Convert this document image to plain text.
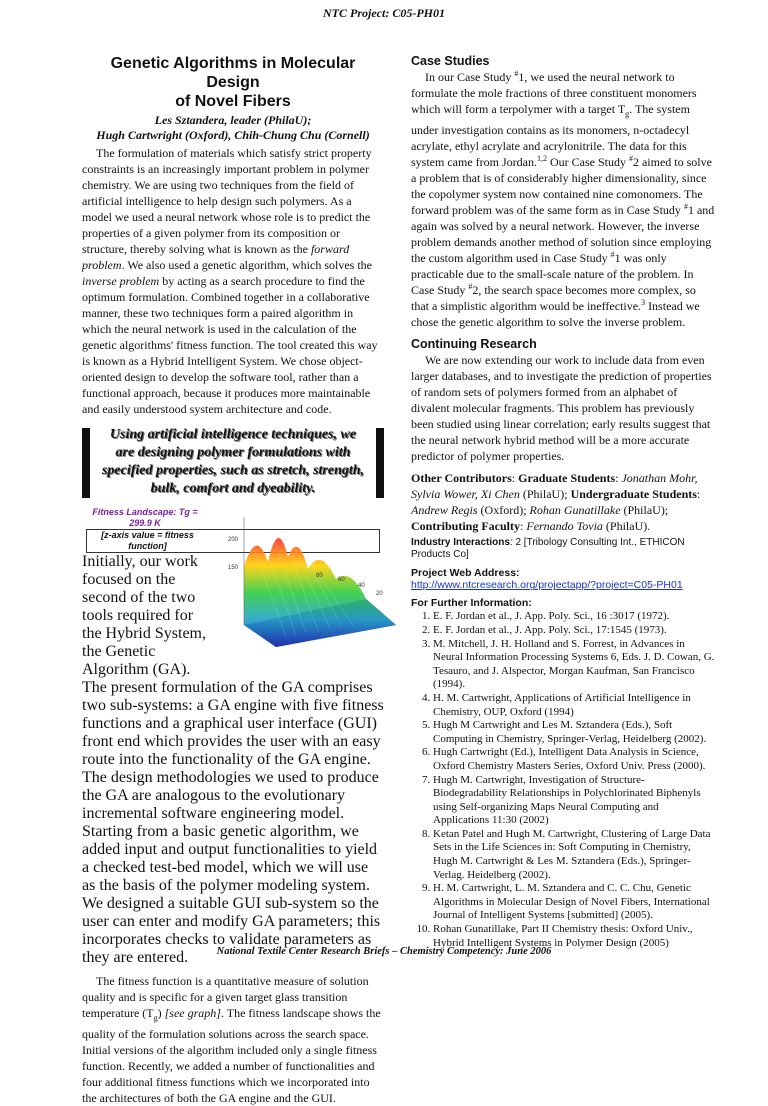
NTC Project: C05-PH01
Genetic Algorithms in Molecular Design
of Novel Fibers
Les Sztandera, leader (PhilaU);
Hugh Cartwright (Oxford), Chih-Chung Chu (Cornell)

The formulation of materials which satisfy strict property constraints is an increasingly important problem in polymer chemistry. We are using two techniques from the field of artificial intelligence to help design such polymers. As a model we used a neural network whose role is to predict the properties of a given polymer from its composition or structure, thereby solving what is known as the forward problem. We also used a genetic algorithm, which solves the inverse problem by acting as a search procedure to find the optimum formulation. Combined together in a collaborative manner, these two techniques form a paired algorithm in which the neural network is used in the calculation of the genetic algorithms' fitness function. The tool created this way is known as a Hybrid Intelligent System. We chose object-oriented design to develop the software tool, rather than a functional approach, because it produces more maintainable and easily understood system architecture and code.

Using artificial intelligence techniques, we are designing polymer formulations with specified properties, such as stretch, strength, bulk, comfort and dyeability.

200
150
80
60
40
20

Fitness Landscape: Tg = 299.9 K
[z-axis value = fitness function]
Initially, our work focused on the second of the two tools required for the Hybrid System, the Genetic Algorithm (GA). The present formulation of the GA comprises two sub-systems: a GA engine with five fitness functions and a graphical user interface (GUI) front end which provides the user with an easy route into the functionality of the GA engine. The design methodologies we used to produce the GA are analogous to the evolutionary incremental software engineering model. Starting from a basic genetic algorithm, we added input and output functionalities to yield a checked test-bed model, which we will use as the basis of the polymer modeling system. We designed a suitable GUI sub-system so the user can enter and modify GA parameters; this incorporates checks to validate parameters as they are entered.

The fitness function is a quantitative measure of solution quality and is specific for a given target glass transition temperature $(T_g)$ [see graph]. The fitness landscape shows the quality of the formulation solutions across the search space. Initial versions of the algorithm included only a single fitness function. Recently, we added a number of functionalities and four additional fitness functions which we incorporated into the architectures of both the GA engine and the GUI.

Case Studies

In our Case Study #1, we used the neural network to formulate the mole fractions of three constituent monomers which will form a terpolymer with a target $T_g$. The system under investigation contains as its monomers, n-octadecyl acrylate, ethyl acrylate and acrylonitrile. The data for this system came from Jordan.$^{1,2}$ Our Case Study #2 aimed to solve a problem that is of considerably higher dimensionality, since the copolymer system now contained nine comonomers. The forward problem was of the same form as in Case Study #1 and again was solved by a neural network. However, the inverse problem demands another method of solution since employing the custom algorithm used in Case Study #1 was only practicable due to the small-scale nature of the problem. In Case Study #2, the search space becomes more complex, so that a simplistic algorithm would be ineffective.$^3$ Instead we chose the genetic algorithm to solve the inverse problem.

Continuing Research

We are now extending our work to include data from even larger databases, and to investigate the prediction of properties of random sets of polymers formed from an alphabet of divalent molecular fragments. This problem has previously been studied using linear correlation; early results suggest that the neural network hybrid method will be a more accurate predictor of polymer properties.

Other Contributors: Graduate Students: Jonathan Mohr, Sylvia Wower, Xi Chen (PhilaU); Undergraduate Students: Andrew Regis (Oxford); Rohan Gunatillake (PhilaU); Contributing Faculty: Fernando Tovia (PhilaU).

Industry Interactions: 2 [Tribology Consulting Int., ETHICON Products Co]
Project Web Address:
http://www.ntcresearch.org/projectapp/?project=C05-PH01
For Further Information:
1. E. F. Jordan et al., J. App. Poly. Sci., 16 :3017 (1972).
2. E. F. Jordan et al., J. App. Poly. Sci., 17:1545 (1973).
3. M. Mitchell, J. H. Holland and S. Forrest, in Advances in Neural Information Processing Systems 6, Eds. J. D. Cowan, G. Tesauro, and J. Alspector, Morgan Kaufman, San Francisco (1994).
4. H. M. Cartwright, Applications of Artificial Intelligence in Chemistry, OUP, Oxford (1994)
5. Hugh M Cartwright and Les M. Sztandera (Eds.), Soft Computing in Chemistry, Springer-Verlag, Heidelberg (2002).
6. Hugh Cartwright (Ed.), Intelligent Data Analysis in Science, Oxford Chemistry Masters Series, Oxford Univ. Press (2000).
7. Hugh M. Cartwright, Investigation of Structure-Biodegradability Relationships in Polychlorinated Biphenyls using Self-organizing Maps Neural Computing and Applications 11:30 (2002)
8. Ketan Patel and Hugh M. Cartwright, Clustering of Large Data Sets in the Life Sciences in: Soft Computing in Chemistry, Hugh M. Cartwright & Les M. Sztandera (Eds.), Springer-Verlag. Heidelberg (2002).
9. H. M. Cartwright, L. M. Sztandera and C. C. Chu, Genetic Algorithms in Molecular Design of Novel Fibers, International Journal of Intelligent Systems [submitted] (2005).
10. Rohan Gunatillake, Part II Chemistry thesis: Oxford Univ., Hybrid Intelligent Systems in Polymer Design (2005)
National Textile Center Research Briefs – Chemistry Competency: June 2006
